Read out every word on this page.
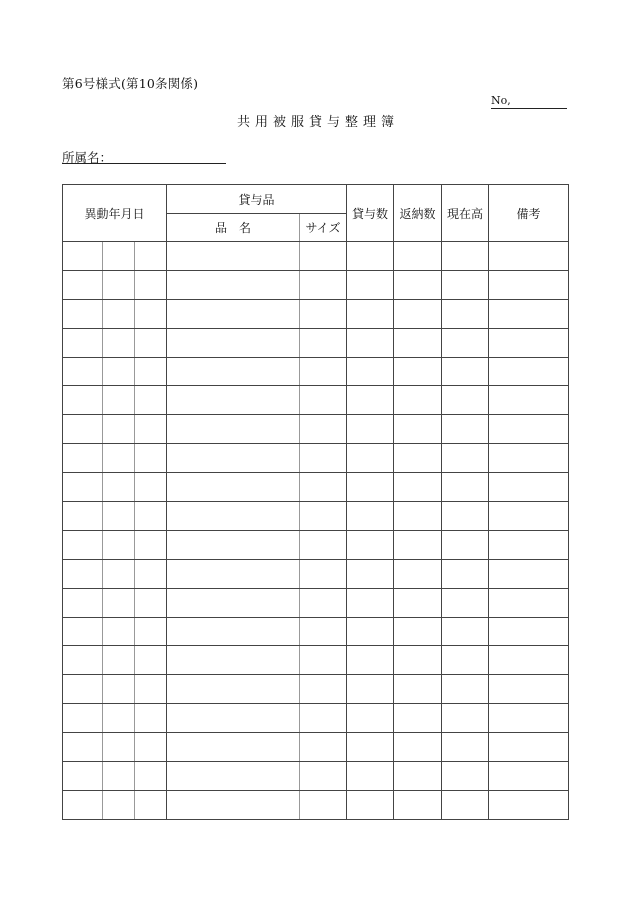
第6号様式(第10条関係)
No,
共用被服貸与整理簿
所属名：
異動年月日			貸与品		貸与数	返納数	現在高	備考
			品　名	サイズ				
